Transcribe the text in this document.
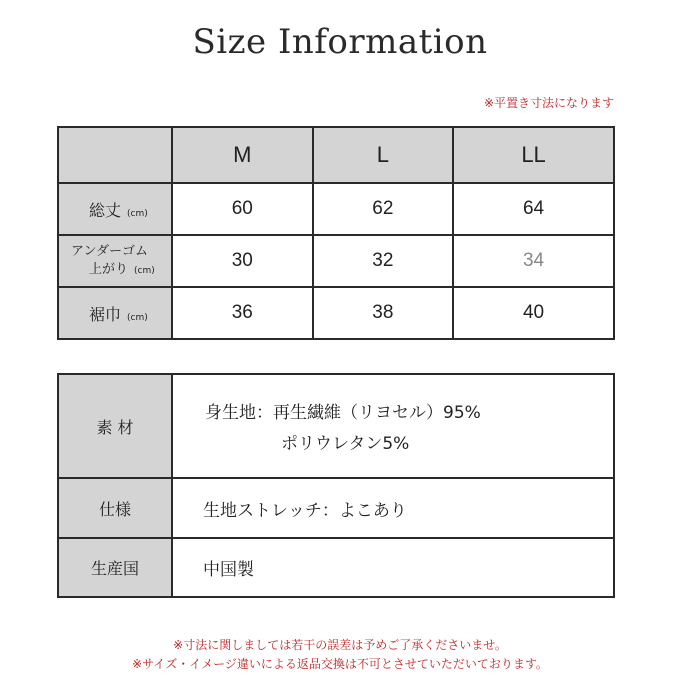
Size Information
※平置き寸法になります
	M	L	LL
総丈 (cm)	60	62	64

アンダーゴム
上がり (cm)	30	32	34
裾巾 (cm)	36	38	40
素 材	身生地：再生繊維（リヨセル）95%
ポリウレタン5%

仕様	生地ストレッチ：よこあり
生産国	中国製
※寸法に関しましては若干の誤差は予めご了承くださいませ。
※サイズ・イメージ違いによる返品交換は不可とさせていただいております。
